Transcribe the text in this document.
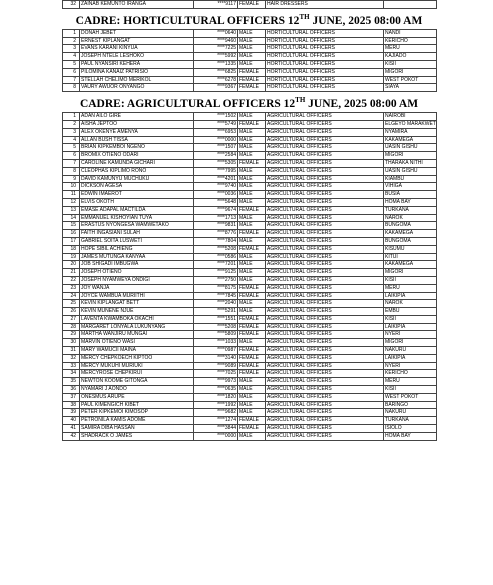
32	ZAINAB KEMUNTO IRANGA	****9117	FEMALE	HAIR DRESSERS	
CADRE: HORTICULTURAL OFFICERS 12TH JUNE, 2025 08:00 AM
1	DONAH JEBET	****0640	MALE	HORTICULTURAL OFFICERS	NANDI
2	ERNEST KIPLANGAT	****9460	MALE	HORTICULTURAL OFFICERS	KERICHO
3	EVANS KARANI KINYUA	****7225	MALE	HORTICULTURAL OFFICERS	MERU
4	JOSEPH NTELE LESHOKO	****5992	MALE	HORTICULTURAL OFFICERS	KAJIADO
5	PAUL NYANSIRI KEHERA	****1335	MALE	HORTICULTURAL OFFICERS	KISII
6	PILOMINA KANAIZ PATRISIO	****6825	FEMALE	HORTICULTURAL OFFICERS	MIGORI
7	STELLAH CHELIMO MERIKOL	****6278	FEMALE	HORTICULTURAL OFFICERS	WEST POKOT
8	VAURY AWUOR ONYANGO	****9367	FEMALE	HORTICULTURAL OFFICERS	SIAYA
CADRE: AGRICULTURAL OFFICERS 12TH JUNE, 2025 08:00 AM
1	ADAN AILO GIRE	****1502	MALE	AGRICULTURAL OFFICERS	NAIROBI
2	AISHA JEPTOO	****5749	FEMALE	AGRICULTURAL OFFICERS	ELGEYO MARAKWET
3	ALEX OKENYE AMENYA	****6953	MALE	AGRICULTURAL OFFICERS	NYAMIRA
4	ALLAN BUSH TISSA	****0000	MALE	AGRICULTURAL OFFICERS	KAKAMEGA
5	BRIAN KIPKEMBOI NGENO	****1507	MALE	AGRICULTURAL OFFICERS	UASIN GISHU
6	BROMIX OTIENO ODARI	****2584	MALE	AGRICULTURAL OFFICERS	MIGORI
7	CAROLINE KAMUNDA GICHARI	****5305	FEMALE	AGRICULTURAL OFFICERS	THARAKA NITHI
8	CLEOPHAS KIPLIMO RONO	****7995	MALE	AGRICULTURAL OFFICERS	UASIN GISHU
9	DAVID KAMUNYU MUCHUKU	****4201	MALE	AGRICULTURAL OFFICERS	KIAMBU
10	DICKSON AGESA	****9740	MALE	AGRICULTURAL OFFICERS	VIHIGA
11	EDWIN IMAEROT	****0036	MALE	AGRICULTURAL OFFICERS	BUSIA
12	ELVIS OKOTH	****5648	MALE	AGRICULTURAL OFFICERS	HOMA BAY
13	EMASE ADAPAL MACTILDA	****9674	FEMALE	AGRICULTURAL OFFICERS	TURKANA
14	EMMANUEL KISHOYIAN TUYA	****1713	MALE	AGRICULTURAL OFFICERS	NAROK
15	ERASTUS NYONGESA WAMWETAKO	****9831	MALE	AGRICULTURAL OFFICERS	BUNGOMA
16	FAITH INGASIANI SULAH	****8776	FEMALE	AGRICULTURAL OFFICERS	KAKAMEGA
17	GABRIEL SOITA LUSWETI	****7804	MALE	AGRICULTURAL OFFICERS	BUNGOMA
18	HOPE SIBIL ACHIENG	****5208	FEMALE	AGRICULTURAL OFFICERS	KISUMU
19	JAMES MUTUNGA KANYAA	****0586	MALE	AGRICULTURAL OFFICERS	KITUI
20	JOB SHIGADI IMBUGWA	****7201	MALE	AGRICULTURAL OFFICERS	KAKAMEGA
21	JOSEPH OTIENO	****9125	MALE	AGRICULTURAL OFFICERS	MIGORI
22	JOSEPH NYAMWEYA ONDIGI	****2750	MALE	AGRICULTURAL OFFICERS	KISII
23	JOY WANJA	****8175	FEMALE	AGRICULTURAL OFFICERS	MERU
24	JOYCE WAMBUA MURIITHI	****7845	FEMALE	AGRICULTURAL OFFICERS	LAIKIPIA
25	KEVIN KIPLANGAT BETT	****2040	MALE	AGRICULTURAL OFFICERS	NAROK
26	KEVIN MUNENE NJUE	****5291	MALE	AGRICULTURAL OFFICERS	EMBU
27	LAVENTA KWAMBOKA OKACHI	****1551	FEMALE	AGRICULTURAL OFFICERS	KISII
28	MARGARET LONYALA LUKUNYANG	****5208	FEMALE	AGRICULTURAL OFFICERS	LAIKIPIA
29	MARTHA WANJIRU MUNGAI	****5809	FEMALE	AGRICULTURAL OFFICERS	NYERI
30	MARVIN OTIENO WASI	****1033	MALE	AGRICULTURAL OFFICERS	MIGORI
31	MARY WAMUCII MAINA	****0987	FEMALE	AGRICULTURAL OFFICERS	NAKURU
32	MERCY CHEPKOECH KIPTOO	****3140	FEMALE	AGRICULTURAL OFFICERS	LAIKIPIA
33	MERCY MUKUHI MURIUKI	****9089	FEMALE	AGRICULTURAL OFFICERS	NYERI
34	MERCYROSE CHEPKIRUI	****7025	FEMALE	AGRICULTURAL OFFICERS	KERICHO
35	NEWTON KOOME GITONGA	****9973	MALE	AGRICULTURAL OFFICERS	MERU
36	NYAMARI J AONDO	****0635	MALE	AGRICULTURAL OFFICERS	KISII
37	ONESMUS ARUPE	****1820	MALE	AGRICULTURAL OFFICERS	WEST POKOT
38	PAUL KIMENGICH KIBET	****1992	MALE	AGRICULTURAL OFFICERS	BARINGO
39	PETER KIPKEMOI KIMOSOP	****9682	MALE	AGRICULTURAL OFFICERS	NAKURU
40	PETRONILA KAMIS ADOME	****1274	FEMALE	AGRICULTURAL OFFICERS	TURKANA
41	SAMIRA DIBA HASSAN	****3844	FEMALE	AGRICULTURAL OFFICERS	ISIOLO
42	SHADRACK O JAMES	****0000	MALE	AGRICULTURAL OFFICERS	HOMA BAY
